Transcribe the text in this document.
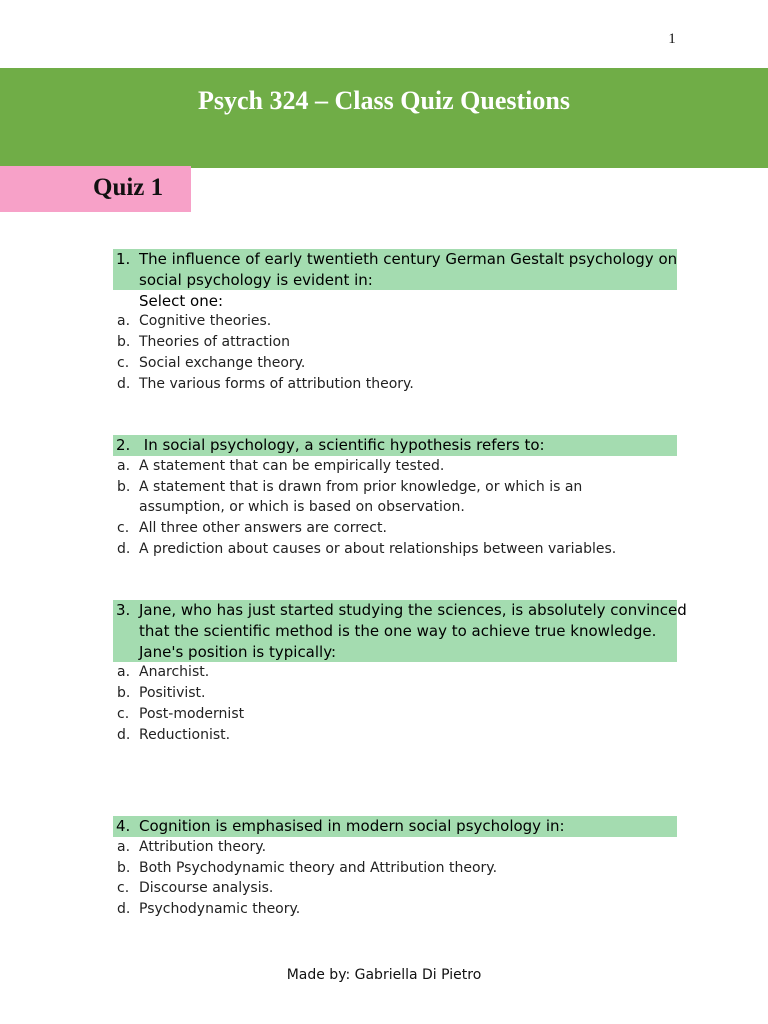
1
Psych 324 – Class Quiz Questions
Quiz 1
1. The influence of early twentieth century German Gestalt psychology on
social psychology is evident in:
Select one:
a. Cognitive theories.
b. Theories of attraction
c. Social exchange theory.
d. The various forms of attribution theory.
2. In social psychology, a scientific hypothesis refers to:
a. A statement that can be empirically tested.
b. A statement that is drawn from prior knowledge, or which is an
assumption, or which is based on observation.
c. All three other answers are correct.
d. A prediction about causes or about relationships between variables.
3. Jane, who has just started studying the sciences, is absolutely convinced
that the scientific method is the one way to achieve true knowledge.
Jane's position is typically:
a. Anarchist.
b. Positivist.
c. Post-modernist
d. Reductionist.
4. Cognition is emphasised in modern social psychology in:
a. Attribution theory.
b. Both Psychodynamic theory and Attribution theory.
c. Discourse analysis.
d. Psychodynamic theory.
Made by: Gabriella Di Pietro
